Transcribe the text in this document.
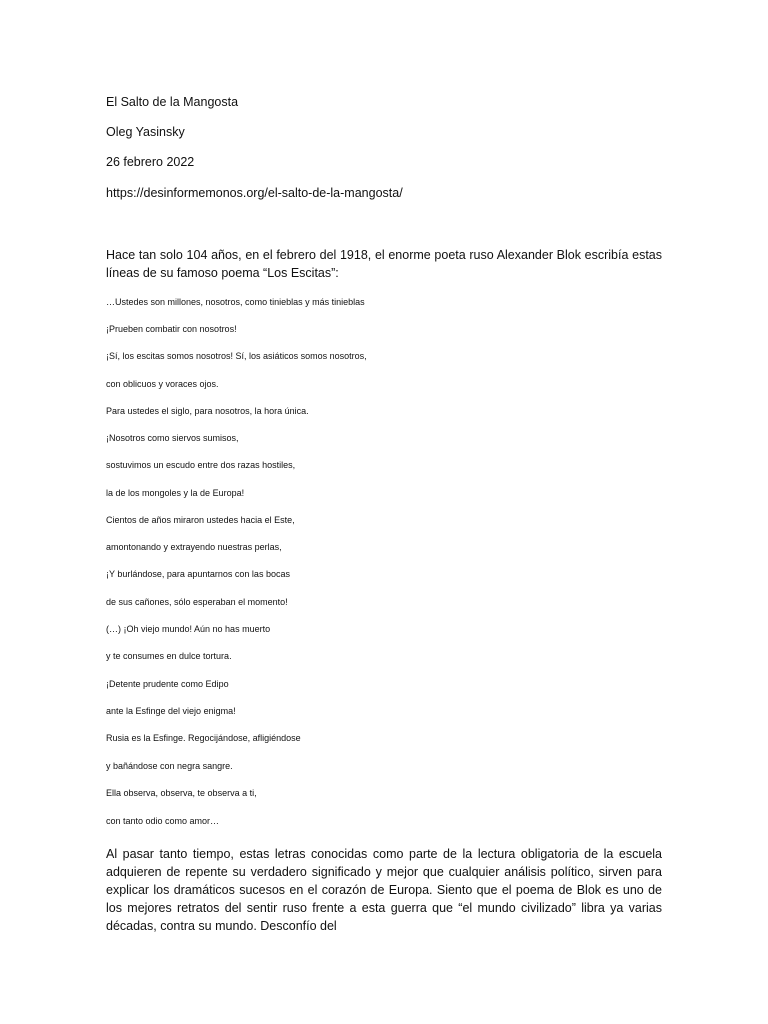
El Salto de la Mangosta
Oleg Yasinsky
26 febrero 2022
https://desinformemonos.org/el-salto-de-la-mangosta/

Hace tan solo 104 años, en el febrero del 1918, el enorme poeta ruso Alexander Blok escribía estas líneas de su famoso poema “Los Escitas”:

…Ustedes son millones, nosotros, como tinieblas y más tinieblas
¡Prueben combatir con nosotros!
¡Sí, los escitas somos nosotros! Sí, los asiáticos somos nosotros,
con oblicuos y voraces ojos.
Para ustedes el siglo, para nosotros, la hora única.
¡Nosotros como siervos sumisos,
sostuvimos un escudo entre dos razas hostiles,
la de los mongoles y la de Europa!
Cientos de años miraron ustedes hacia el Este,
amontonando y extrayendo nuestras perlas,
¡Y burlándose, para apuntarnos con las bocas
de sus cañones, sólo esperaban el momento!
(…) ¡Oh viejo mundo! Aún no has muerto
y te consumes en dulce tortura.
¡Detente prudente como Edipo
ante la Esfinge del viejo enigma!
Rusia es la Esfinge. Regocijándose, afligiéndose
y bañándose con negra sangre.
Ella observa, observa, te observa a ti,
con tanto odio como amor…

Al pasar tanto tiempo, estas letras conocidas como parte de la lectura obligatoria de la escuela adquieren de repente su verdadero significado y mejor que cualquier análisis político, sirven para explicar los dramáticos sucesos en el corazón de Europa. Siento que el poema de Blok es uno de los mejores retratos del sentir ruso frente a esta guerra que “el mundo civilizado” libra ya varias décadas, contra su mundo. Desconfío del
